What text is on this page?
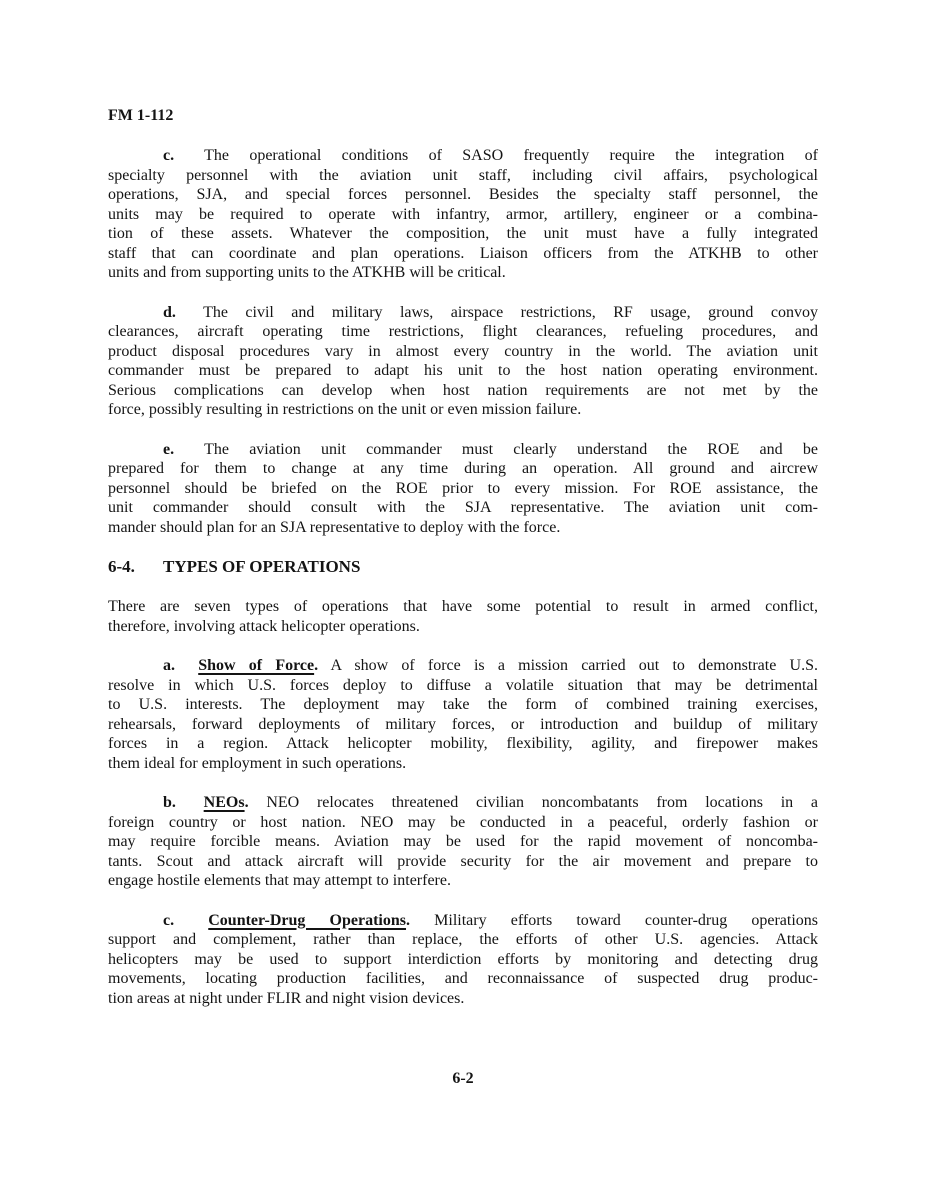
FM 1-112
c. The operational conditions of SASO frequently require the integration of
specialty personnel with the aviation unit staff, including civil affairs, psychological
operations, SJA, and special forces personnel. Besides the specialty staff personnel, the
units may be required to operate with infantry, armor, artillery, engineer or a combina-
tion of these assets. Whatever the composition, the unit must have a fully integrated
staff that can coordinate and plan operations. Liaison officers from the ATKHB to other
units and from supporting units to the ATKHB will be critical.
d. The civil and military laws, airspace restrictions, RF usage, ground convoy
clearances, aircraft operating time restrictions, flight clearances, refueling procedures, and
product disposal procedures vary in almost every country in the world. The aviation unit
commander must be prepared to adapt his unit to the host nation operating environment.
Serious complications can develop when host nation requirements are not met by the
force, possibly resulting in restrictions on the unit or even mission failure.
e. The aviation unit commander must clearly understand the ROE and be
prepared for them to change at any time during an operation. All ground and aircrew
personnel should be briefed on the ROE prior to every mission. For ROE assistance, the
unit commander should consult with the SJA representative. The aviation unit com-
mander should plan for an SJA representative to deploy with the force.
6-4. TYPES OF OPERATIONS
There are seven types of operations that have some potential to result in armed conflict,
therefore, involving attack helicopter operations.
a. Show of Force. A show of force is a mission carried out to demonstrate U.S.
resolve in which U.S. forces deploy to diffuse a volatile situation that may be detrimental
to U.S. interests. The deployment may take the form of combined training exercises,
rehearsals, forward deployments of military forces, or introduction and buildup of military
forces in a region. Attack helicopter mobility, flexibility, agility, and firepower makes
them ideal for employment in such operations.
b. NEOs. NEO relocates threatened civilian noncombatants from locations in a
foreign country or host nation. NEO may be conducted in a peaceful, orderly fashion or
may require forcible means. Aviation may be used for the rapid movement of noncomba-
tants. Scout and attack aircraft will provide security for the air movement and prepare to
engage hostile elements that may attempt to interfere.
c. Counter-Drug Operations. Military efforts toward counter-drug operations
support and complement, rather than replace, the efforts of other U.S. agencies. Attack
helicopters may be used to support interdiction efforts by monitoring and detecting drug
movements, locating production facilities, and reconnaissance of suspected drug produc-
tion areas at night under FLIR and night vision devices.
6-2
